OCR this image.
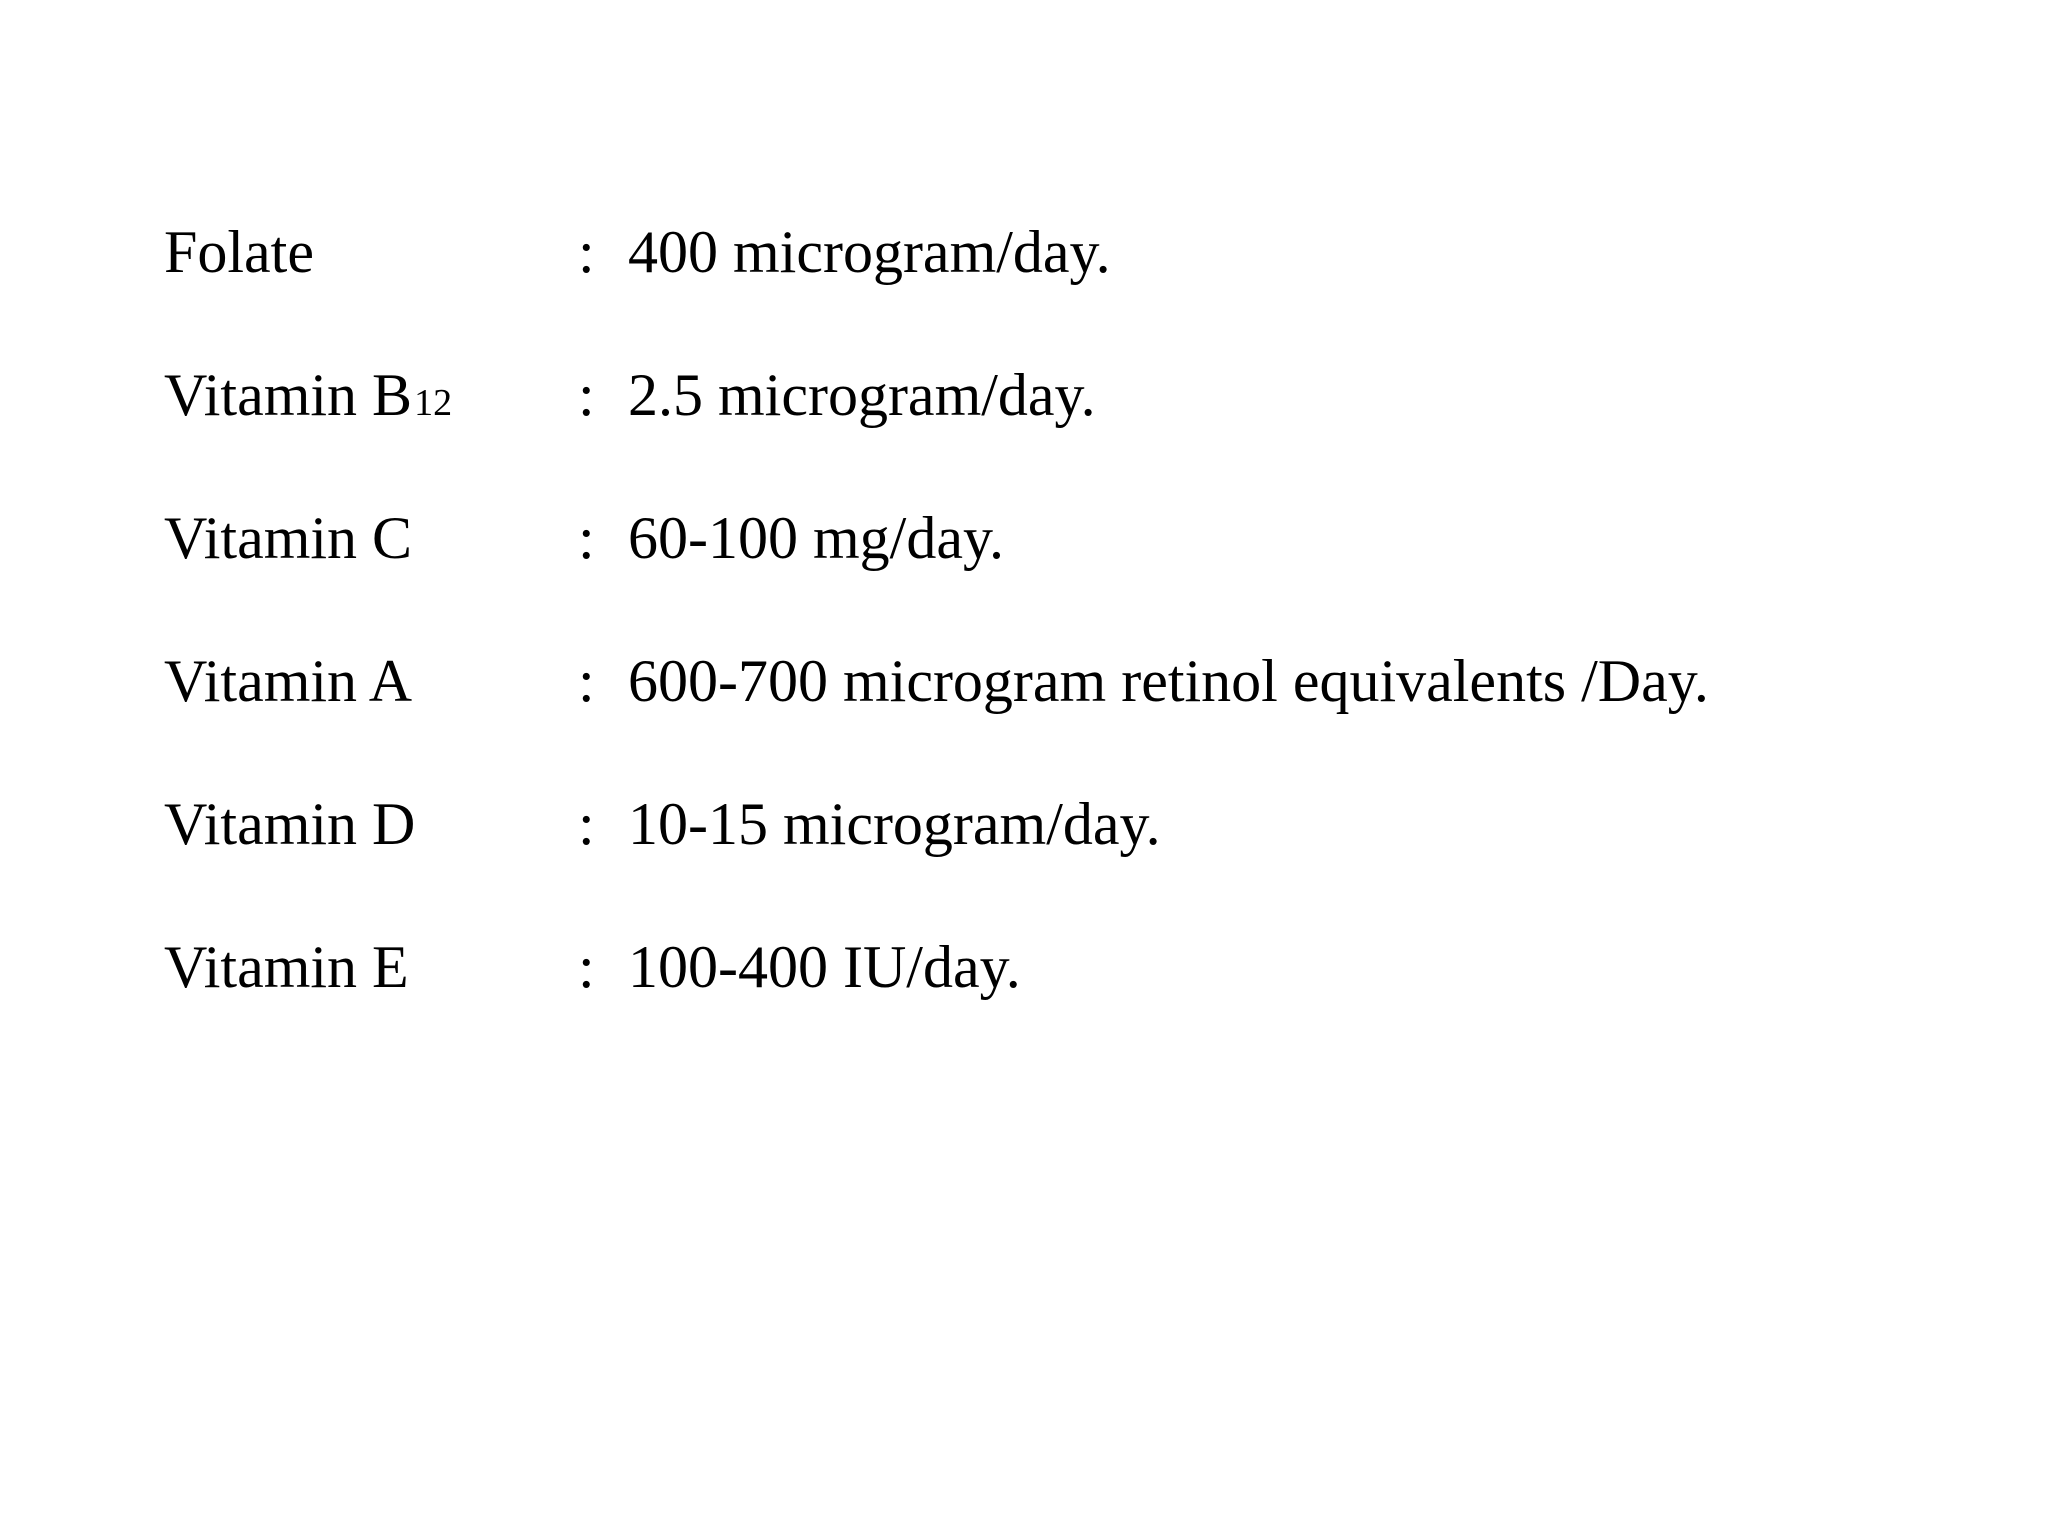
Folate	: 400 microgram/day.
Vitamin B12 : 2.5 microgram/day.
Vitamin C	: 60-100 mg/day.
Vitamin A	: 600-700 microgram retinol equivalents /Day.
Vitamin D	: 10-15 microgram/day.
Vitamin E	: 100-400 IU/day.
